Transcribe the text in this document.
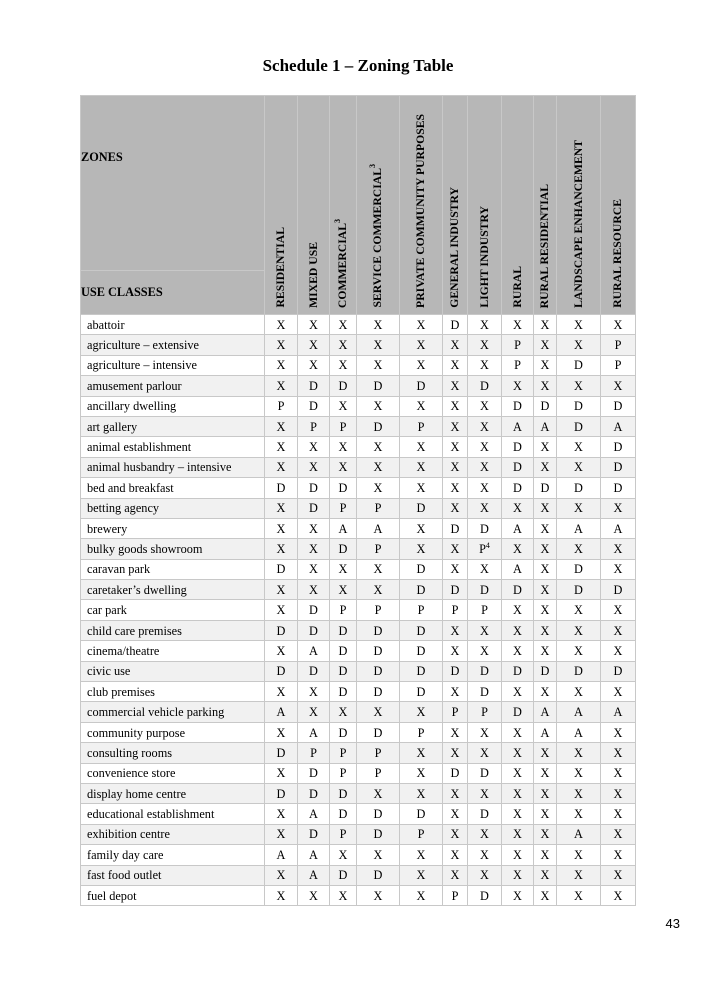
Schedule 1 – Zoning Table
ZONES	RESIDENTIAL	MIXED USE	COMMERCIAL$^3$	SERVICE COMMERCIAL$^3$	PRIVATE COMMUNITY PURPOSES	GENERAL INDUSTRY	LIGHT INDUSTRY	RURAL	RURAL RESIDENTIAL	LANDSCAPE ENHANCEMENT	RURAL RESOURCE

USE CLASSES											
abattoir	X	X	X	X	X	D	X	X	X	X	X
agriculture – extensive	X	X	X	X	X	X	X	P	X	X	P
agriculture – intensive	X	X	X	X	X	X	X	P	X	D	P
amusement parlour	X	D	D	D	D	X	D	X	X	X	X
ancillary dwelling	P	D	X	X	X	X	X	D	D	D	D
art gallery	X	P	P	D	P	X	X	A	A	D	A
animal establishment	X	X	X	X	X	X	X	D	X	X	D
animal husbandry – intensive	X	X	X	X	X	X	X	D	X	X	D
bed and breakfast	D	D	D	X	X	X	X	D	D	D	D
betting agency	X	D	P	P	D	X	X	X	X	X	X
brewery	X	X	A	A	X	D	D	A	X	A	A
bulky goods showroom	X	X	D	P	X	X	$P^4$	X	X	X	X
caravan park	D	X	X	X	D	X	X	A	X	D	X
caretaker’s dwelling	X	X	X	X	D	D	D	D	X	D	D
car park	X	D	P	P	P	P	P	X	X	X	X
child care premises	D	D	D	D	D	X	X	X	X	X	X
cinema/theatre	X	A	D	D	D	X	X	X	X	X	X
civic use	D	D	D	D	D	D	D	D	D	D	D
club premises	X	X	D	D	D	X	D	X	X	X	X
commercial vehicle parking	A	X	X	X	X	P	P	D	A	A	A
community purpose	X	A	D	D	P	X	X	X	A	A	X
consulting rooms	D	P	P	P	X	X	X	X	X	X	X
convenience store	X	D	P	P	X	D	D	X	X	X	X
display home centre	D	D	D	X	X	X	X	X	X	X	X
educational establishment	X	A	D	D	D	X	D	X	X	X	X
exhibition centre	X	D	P	D	P	X	X	X	X	A	X
family day care	A	A	X	X	X	X	X	X	X	X	X
fast food outlet	X	A	D	D	X	X	X	X	X	X	X
fuel depot	X	X	X	X	X	P	D	X	X	X	X
43
